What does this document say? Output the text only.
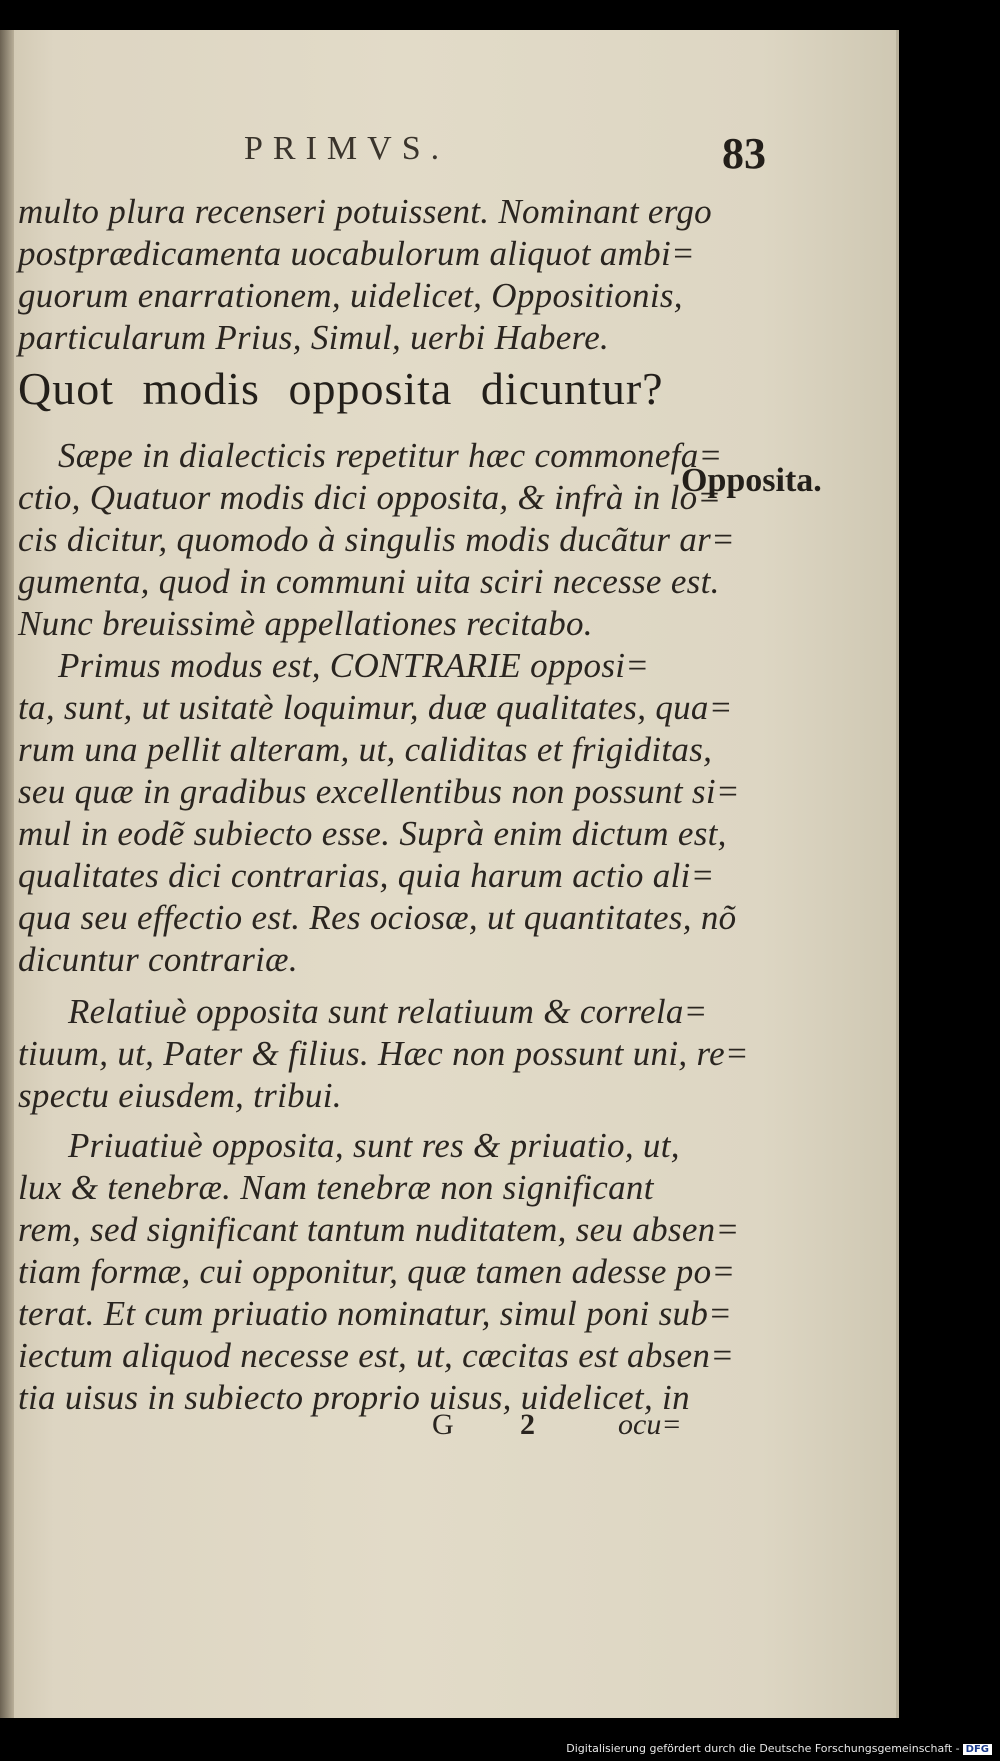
PRIMVS.	83
multo plura recenseri potuissent. Nominant ergo
postprædicamenta uocabulorum aliquot ambi=
guorum enarrationem, uidelicet, Oppositionis,
particularum Prius, Simul, uerbi Habere.
Quot modis opposita dicuntur?
Sæpe in dialecticis repetitur hæc commonefa=
ctio, Quatuor modis dici opposita, & infrà in lo=
cis dicitur, quomodo à singulis modis ducãtur ar=
gumenta, quod in communi uita sciri necesse est.
Nunc breuissimè appellationes recitabo.
Primus modus est, CONTRARIE opposi=
ta, sunt, ut usitatè loquimur, duæ qualitates, qua=
rum una pellit alteram, ut, caliditas et frigiditas,
seu quæ in gradibus excellentibus non possunt si=
mul in eodẽ subiecto esse. Suprà enim dictum est,
qualitates dici contrarias, quia harum actio ali=
qua seu effectio est. Res ociosæ, ut quantitates, nõ
dicuntur contrariæ.
Relatiuè opposita sunt relatiuum & correla=
tiuum, ut, Pater & filius. Hæc non possunt uni, re=
spectu eiusdem, tribui.
Priuatiuè opposita, sunt res & priuatio, ut,
lux & tenebræ. Nam tenebræ non significant
rem, sed significant tantum nuditatem, seu absen=
tiam formæ, cui opponitur, quæ tamen adesse po=
terat. Et cum priuatio nominatur, simul poni sub=
iectum aliquod necesse est, ut, cæcitas est absen=
tia uisus in subiecto proprio uisus, uidelicet, in
Opposita.
G 2	ocu=
Digitalisierung gefördert durch die Deutsche Forschungsgemeinschaft - DFG
